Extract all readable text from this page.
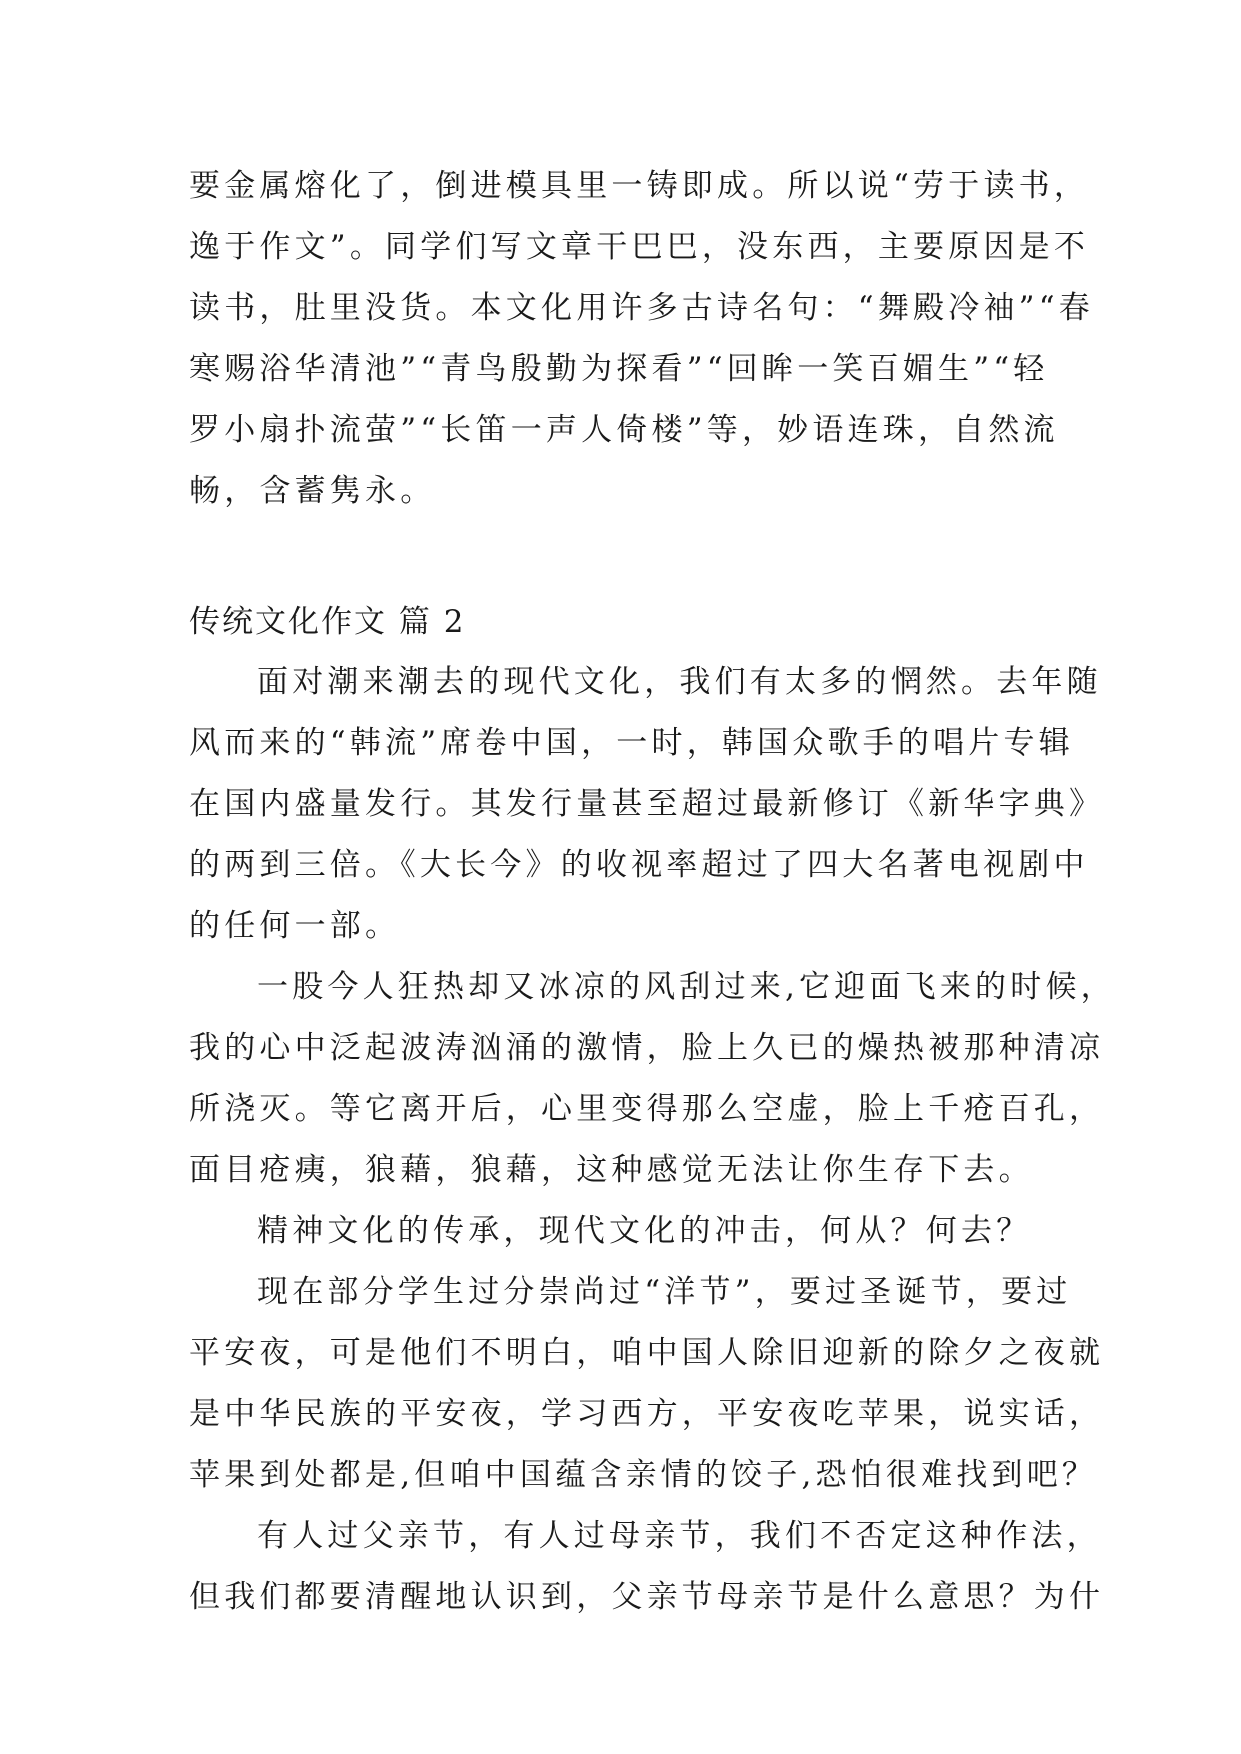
要金属熔化了，倒进模具里一铸即成。所以说“劳于读书，
逸于作文”。同学们写文章干巴巴，没东西，主要原因是不
读书，肚里没货。本文化用许多古诗名句：“舞殿冷袖”“春
寒赐浴华清池”“青鸟殷勤为探看”“回眸一笑百媚生”“轻
罗小扇扑流萤”“长笛一声人倚楼”等，妙语连珠，自然流
畅，含蓄隽永。
传统文化作文 篇 2
面对潮来潮去的现代文化，我们有太多的惘然。去年随
风而来的“韩流”席卷中国，一时，韩国众歌手的唱片专辑
在国内盛量发行。其发行量甚至超过最新修订《新华字典》
的两到三倍。《大长今》的收视率超过了四大名著电视剧中
的任何一部。
一股今人狂热却又冰凉的风刮过来,它迎面飞来的时候，
我的心中泛起波涛汹涌的激情，脸上久已的燥热被那种清凉
所浇灭。等它离开后，心里变得那么空虚，脸上千疮百孔，
面目疮痍，狼藉，狼藉，这种感觉无法让你生存下去。
精神文化的传承，现代文化的冲击，何从？何去？
现在部分学生过分崇尚过“洋节”，要过圣诞节，要过
平安夜，可是他们不明白，咱中国人除旧迎新的除夕之夜就
是中华民族的平安夜，学习西方，平安夜吃苹果，说实话，
苹果到处都是,但咱中国蕴含亲情的饺子,恐怕很难找到吧？
有人过父亲节，有人过母亲节，我们不否定这种作法，
但我们都要清醒地认识到，父亲节母亲节是什么意思？为什
